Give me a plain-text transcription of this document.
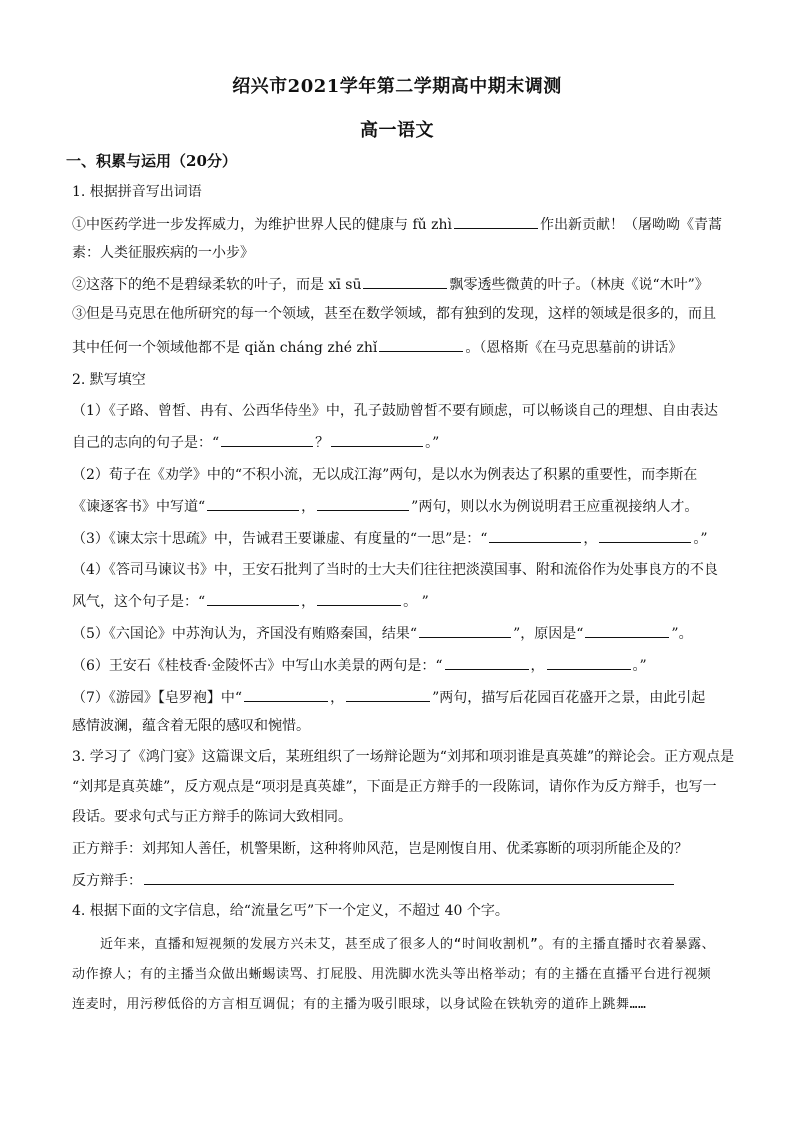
绍兴市2021学年第二学期高中期末调测
高一语文
一、积累与运用（20分）
1. 根据拼音写出词语
①中医药学进一步发挥威力，为维护世界人民的健康与 fǔ zhì	作出新贡献！（屠呦呦《青蒿
素：人类征服疾病的一小步》
②这落下的绝不是碧绿柔软的叶子，而是 xī sū	飘零透些微黄的叶子。（林庚《说“木叶”》
③但是马克思在他所研究的每一个领域，甚至在数学领域，都有独到的发现，这样的领域是很多的，而且
其中任何一个领域他都不是 qiǎn cháng zhé zhǐ	。（恩格斯《在马克思墓前的讲话》
2. 默写填空
（1）《子路、曾皙、冉有、公西华侍坐》中，孔子鼓励曾皙不要有顾虑，可以畅谈自己的理想、自由表达
自己的志向的句子是：“	？	。”
（2）荀子在《劝学》中的“不积小流，无以成江海”两句，是以水为例表达了积累的重要性，而李斯在
《谏逐客书》中写道“	，	”两句，则以水为例说明君王应重视接纳人才。
（3）《谏太宗十思疏》中，告诫君王要谦虚、有度量的“一思”是：“	，	。”
（4）《答司马谏议书》中，王安石批判了当时的士大夫们往往把淡漠国事、附和流俗作为处事良方的不良
风气，这个句子是：“	，	。 ”
（5）《六国论》中苏洵认为，齐国没有贿赂秦国，结果“	”，原因是“	”。
（6）王安石《桂枝香·金陵怀古》中写山水美景的两句是：“	，	。”
（7）《游园》【皂罗袍】中“	，	”两句，描写后花园百花盛开之景，由此引起
感情波澜，蕴含着无限的感叹和惋惜。
3. 学习了《鸿门宴》这篇课文后，某班组织了一场辩论题为“刘邦和项羽谁是真英雄”的辩论会。正方观点是
“刘邦是真英雄”，反方观点是“项羽是真英雄”，下面是正方辩手的一段陈词，请你作为反方辩手，也写一
段话。要求句式与正方辩手的陈词大致相同。
正方辩手：刘邦知人善任，机警果断，这种将帅风范，岂是刚愎自用、优柔寡断的项羽所能企及的？
反方辩手：
4. 根据下面的文字信息，给“流量乞丐”下一个定义，不超过 40 个字。
近年来，直播和短视频的发展方兴未艾，甚至成了很多人的“时间收割机”。有的主播直播时衣着暴露、动作撩人；有的主播当众做出蜥蜴读骂、打屁股、用洗脚水洗头等出格举动；有的主播在直播平台进行视频连麦时，用污秽低俗的方言相互调侃；有的主播为吸引眼球，以身试险在铁轨旁的道砟上跳舞……
